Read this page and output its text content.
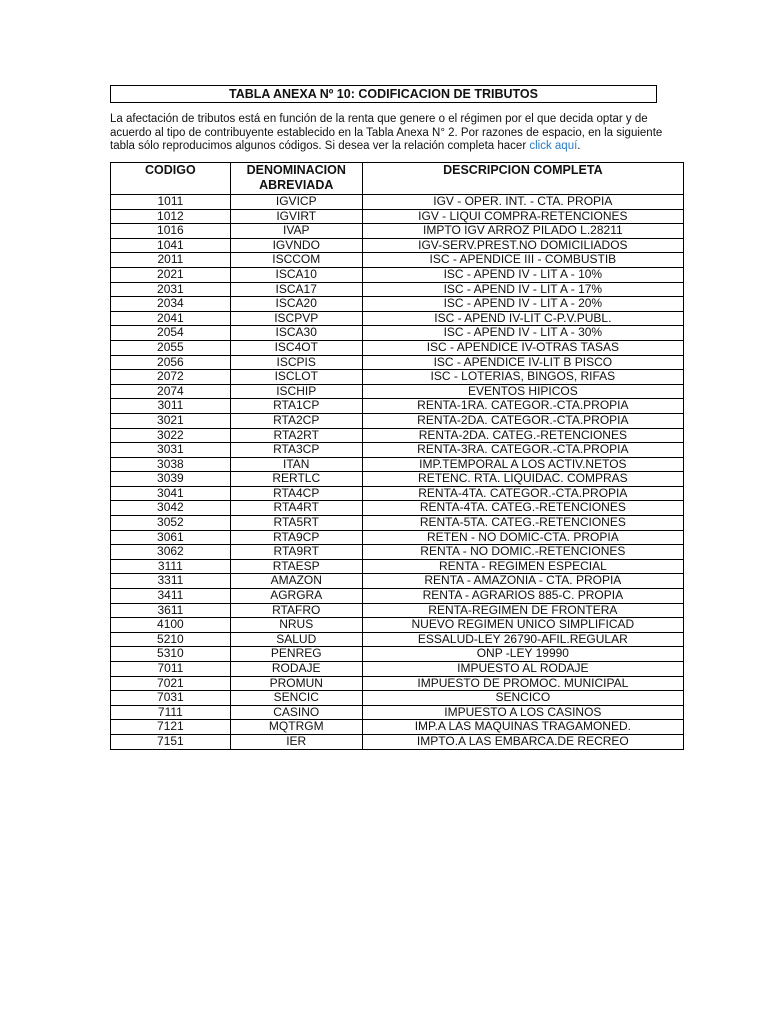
TABLA ANEXA Nº 10: CODIFICACION DE TRIBUTOS

La afectación de tributos está en función de la renta que genere o el régimen por el que decida optar y de acuerdo al tipo de contribuyente establecido en la Tabla Anexa N° 2. Por razones de espacio, en la siguiente tabla sólo reproducimos algunos códigos. Si desea ver la relación completa hacer click aquí.

CODIGO	DENOMINACION ABREVIADA	DESCRIPCION COMPLETA
1011	IGVICP	IGV - OPER. INT. - CTA. PROPIA
1012	IGVIRT	IGV - LIQUI COMPRA-RETENCIONES
1016	IVAP	IMPTO IGV ARROZ PILADO L.28211
1041	IGVNDO	IGV-SERV.PREST.NO DOMICILIADOS
2011	ISCCOM	ISC - APENDICE III - COMBUSTIB
2021	ISCA10	ISC - APEND IV - LIT A - 10%
2031	ISCA17	ISC - APEND IV - LIT A - 17%
2034	ISCA20	ISC - APEND IV - LIT A - 20%
2041	ISCPVP	ISC - APEND IV-LIT C-P.V.PUBL.
2054	ISCA30	ISC - APEND IV - LIT A - 30%
2055	ISC4OT	ISC - APENDICE IV-OTRAS TASAS
2056	ISCPIS	ISC - APENDICE IV-LIT B PISCO
2072	ISCLOT	ISC - LOTERIAS, BINGOS, RIFAS
2074	ISCHIP	EVENTOS HIPICOS
3011	RTA1CP	RENTA-1RA. CATEGOR.-CTA.PROPIA
3021	RTA2CP	RENTA-2DA. CATEGOR.-CTA.PROPIA
3022	RTA2RT	RENTA-2DA. CATEG.-RETENCIONES
3031	RTA3CP	RENTA-3RA. CATEGOR.-CTA.PROPIA
3038	ITAN	IMP.TEMPORAL A LOS ACTIV.NETOS
3039	RERTLC	RETENC. RTA. LIQUIDAC. COMPRAS
3041	RTA4CP	RENTA-4TA. CATEGOR.-CTA.PROPIA
3042	RTA4RT	RENTA-4TA. CATEG.-RETENCIONES
3052	RTA5RT	RENTA-5TA. CATEG.-RETENCIONES
3061	RTA9CP	RETEN - NO DOMIC-CTA. PROPIA
3062	RTA9RT	RENTA - NO DOMIC.-RETENCIONES
3111	RTAESP	RENTA - REGIMEN ESPECIAL
3311	AMAZON	RENTA - AMAZONIA - CTA. PROPIA
3411	AGRGRA	RENTA - AGRARIOS 885-C. PROPIA
3611	RTAFRO	RENTA-REGIMEN DE FRONTERA
4100	NRUS	NUEVO REGIMEN UNICO SIMPLIFICAD
5210	SALUD	ESSALUD-LEY 26790-AFIL.REGULAR
5310	PENREG	ONP -LEY 19990
7011	RODAJE	IMPUESTO AL RODAJE
7021	PROMUN	IMPUESTO DE PROMOC. MUNICIPAL
7031	SENCIC	SENCICO
7111	CASINO	IMPUESTO A LOS CASINOS
7121	MQTRGM	IMP.A LAS MAQUINAS TRAGAMONED.
7151	IER	IMPTO.A LAS EMBARCA.DE RECREO
